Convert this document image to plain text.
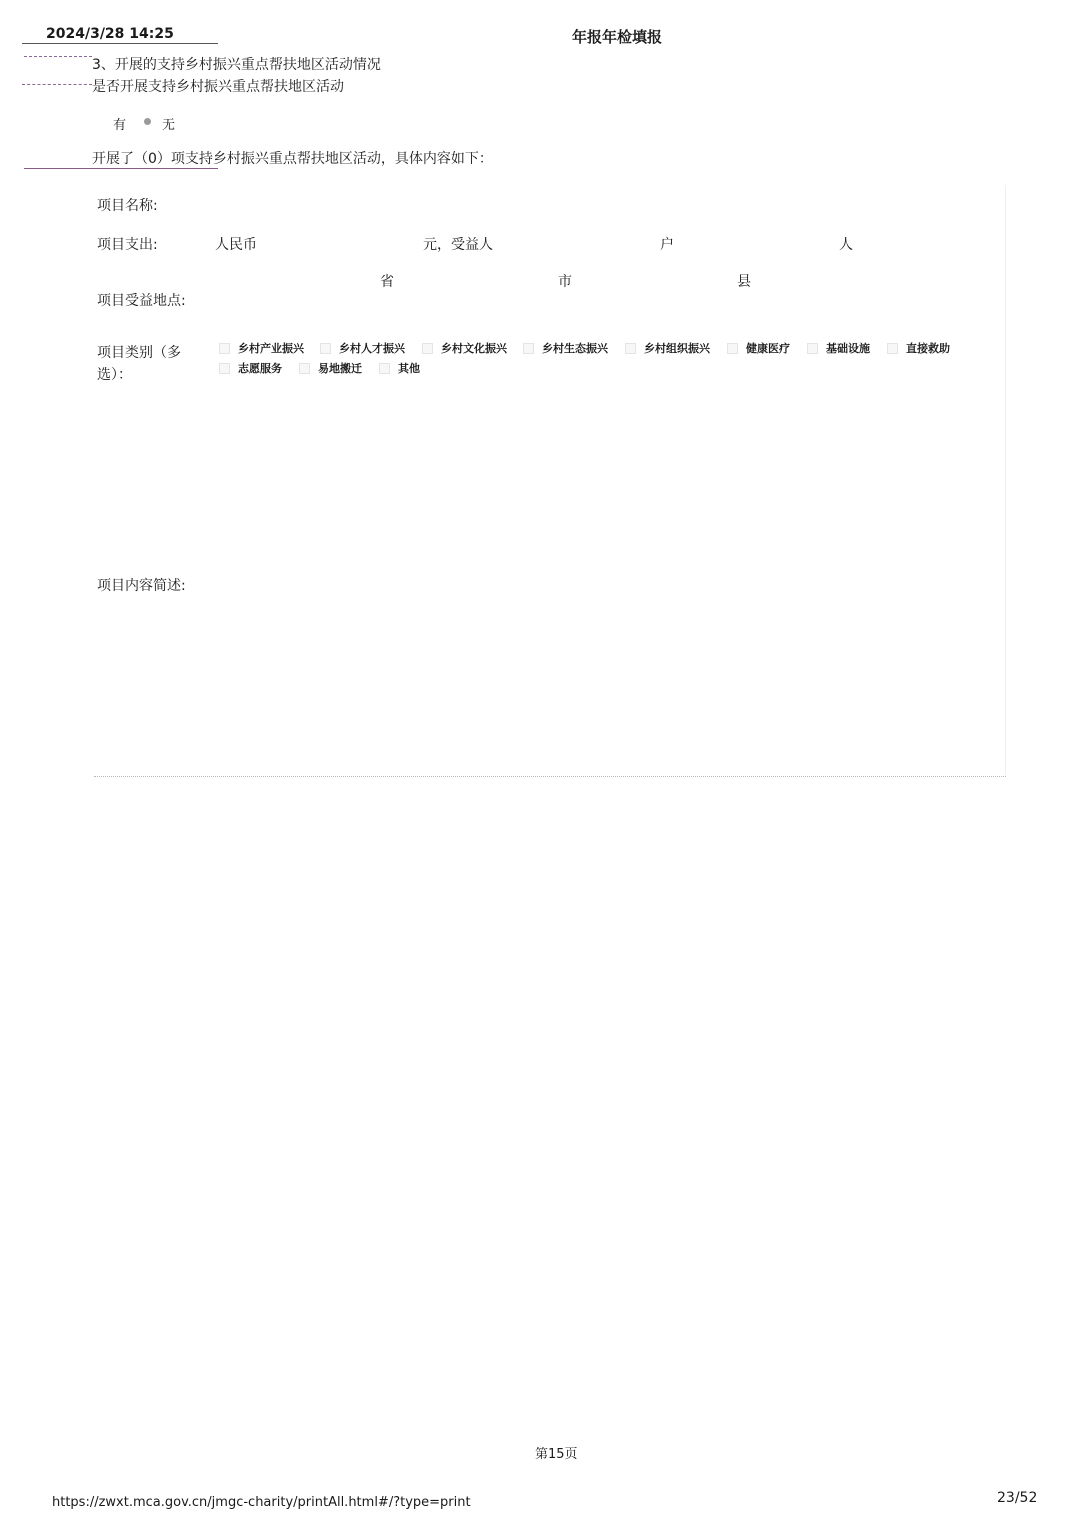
2024/3/28 14:25	年报年检填报
3、开展的支持乡村振兴重点帮扶地区活动情况
是否开展支持乡村振兴重点帮扶地区活动
有	无
开展了（0）项支持乡村振兴重点帮扶地区活动，具体内容如下：
项目名称:
项目支出:	人民币	元，受益人	户	人
省	市	县
项目受益地点:
项目类别（多
选）：
乡村产业振兴	乡村人才振兴	乡村文化振兴	乡村生态振兴	乡村组织振兴	健康医疗	基础设施	直接救助
志愿服务	易地搬迁	其他
项目内容简述:
第15页
https://zwxt.mca.gov.cn/jmgc-charity/printAll.html#/?type=print	23/52
